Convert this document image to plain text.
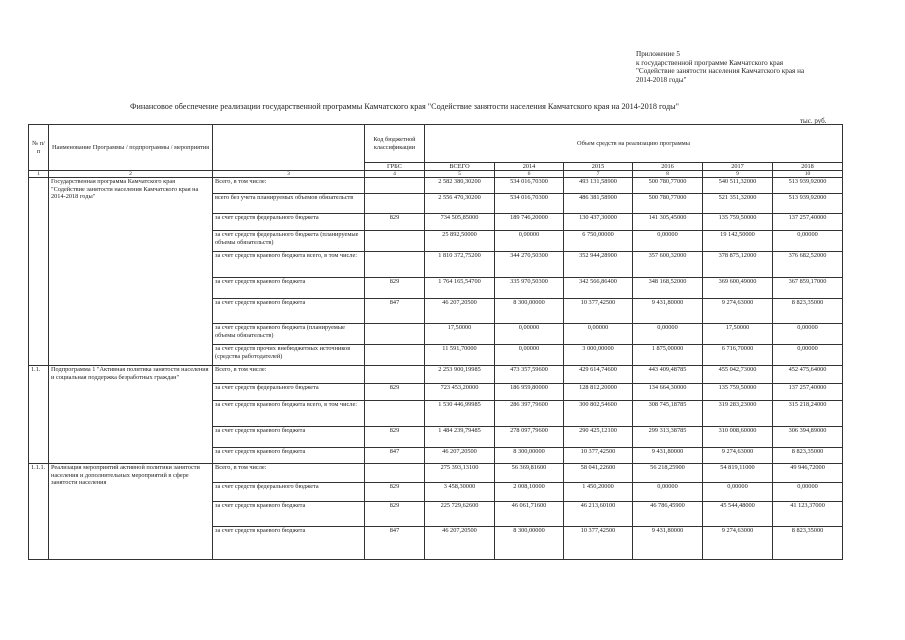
Приложение 5
к государственной программе Камчатского края
"Содействие занятости населения Камчатского края на
2014-2018 годы"
Финансовое обеспечение реализации государственной программы Камчатского края "Содействие занятости населения Камчатского края на 2014-2018 годы"
тыс. руб.
№ п/п	Наименование Программы / подпрограммы / мероприятия		Код бюджетной классификации	Объем средств на реализацию программы					
			ГРБС	ВСЕГО	2014	2015	2016	2017	2018
1	2	3	4	5	6	7	8	9	10
	Государственная программа Камчатского края "Содействие занятости населения Камчатского края на 2014-2018 годы"	Всего, в том числе:		2 582 380,30200	534 016,70300	493 131,58900	500 780,77000	540 511,32000	513 939,92000
		всего без учета планируемых объемов обязательств		2 556 470,30200	534 016,70300	486 381,58900	500 780,77000	521 351,32000	513 939,92000
		за счет средств федерального бюджета	829	734 505,85000	189 746,20000	130 437,30000	141 305,45000	135 759,50000	137 257,40000
		за счет средств федерального бюджета (планируемые объемы обязательств)		25 892,50000	0,00000	6 750,00000	0,00000	19 142,50000	0,00000
		за счет средств краевого бюджета всего, в том числе:		1 810 372,75200	344 270,50300	352 944,28900	357 600,32000	378 875,12000	376 682,52000
		за счет средств краевого бюджета	829	1 764 165,54700	335 970,50300	342 566,86400	348 168,52000	369 600,49000	367 859,17000
		за счет средств краевого бюджета	847	46 207,20500	8 300,00000	10 377,42500	9 431,80000	9 274,63000	8 823,35000
		за счет средств краевого бюджета (планируемые объемы обязательств)		17,50000	0,00000	0,00000	0,00000	17,50000	0,00000
		за счет средств прочих внебюджетных источников (средства работодателей)		11 591,70000	0,00000	3 000,00000	1 875,00000	6 716,70000	0,00000
1.1.	Подпрограмма 1 "Активная политика занятости населения и социальная поддержка безработных граждан"	Всего, в том числе:		2 253 900,19985	473 357,59600	429 614,74600	443 409,48785	455 042,73000	452 475,64000
		за счет средств федерального бюджета	829	723 453,20000	186 959,80000	128 812,20000	134 664,30000	135 759,50000	137 257,40000
		за счет средств краевого бюджета всего, в том числе:		1 530 446,99985	286 397,79600	300 802,54600	308 745,18785	319 283,23000	315 218,24000
		за счет средств краевого бюджета	829	1 484 239,79485	278 097,79600	290 425,12100	299 313,38785	310 008,60000	306 394,89000
		за счет средств краевого бюджета	847	46 207,20500	8 300,00000	10 377,42500	9 431,80000	9 274,63000	8 823,35000
1.1.1.	Реализация мероприятий активной политики занятости населения и дополнительных мероприятий в сфере занятости населения	Всего, в том числе:		275 393,13100	56 369,81600	58 041,22600	56 218,25900	54 819,11000	49 946,72000
		за счет средств федерального бюджета	829	3 458,30000	2 008,10000	1 450,20000	0,00000	0,00000	0,00000
		за счет средств краевого бюджета	829	225 729,62600	46 061,71600	46 213,60100	46 786,45900	45 544,48000	41 123,37000
		за счет средств краевого бюджета	847	46 207,20500	8 300,00000	10 377,42500	9 431,80000	9 274,63000	8 823,35000
